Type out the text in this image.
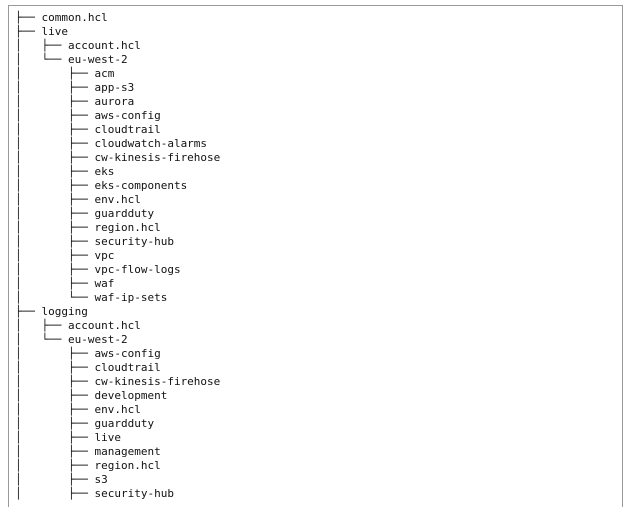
├── common.hcl
├── live
│   ├── account.hcl
│   └── eu-west-2
│       ├── acm
│       ├── app-s3
│       ├── aurora
│       ├── aws-config
│       ├── cloudtrail
│       ├── cloudwatch-alarms
│       ├── cw-kinesis-firehose
│       ├── eks
│       ├── eks-components
│       ├── env.hcl
│       ├── guardduty
│       ├── region.hcl
│       ├── security-hub
│       ├── vpc
│       ├── vpc-flow-logs
│       ├── waf
│       └── waf-ip-sets
├── logging
│   ├── account.hcl
│   └── eu-west-2
│       ├── aws-config
│       ├── cloudtrail
│       ├── cw-kinesis-firehose
│       ├── development
│       ├── env.hcl
│       ├── guardduty
│       ├── live
│       ├── management
│       ├── region.hcl
│       ├── s3
│       ├── security-hub
